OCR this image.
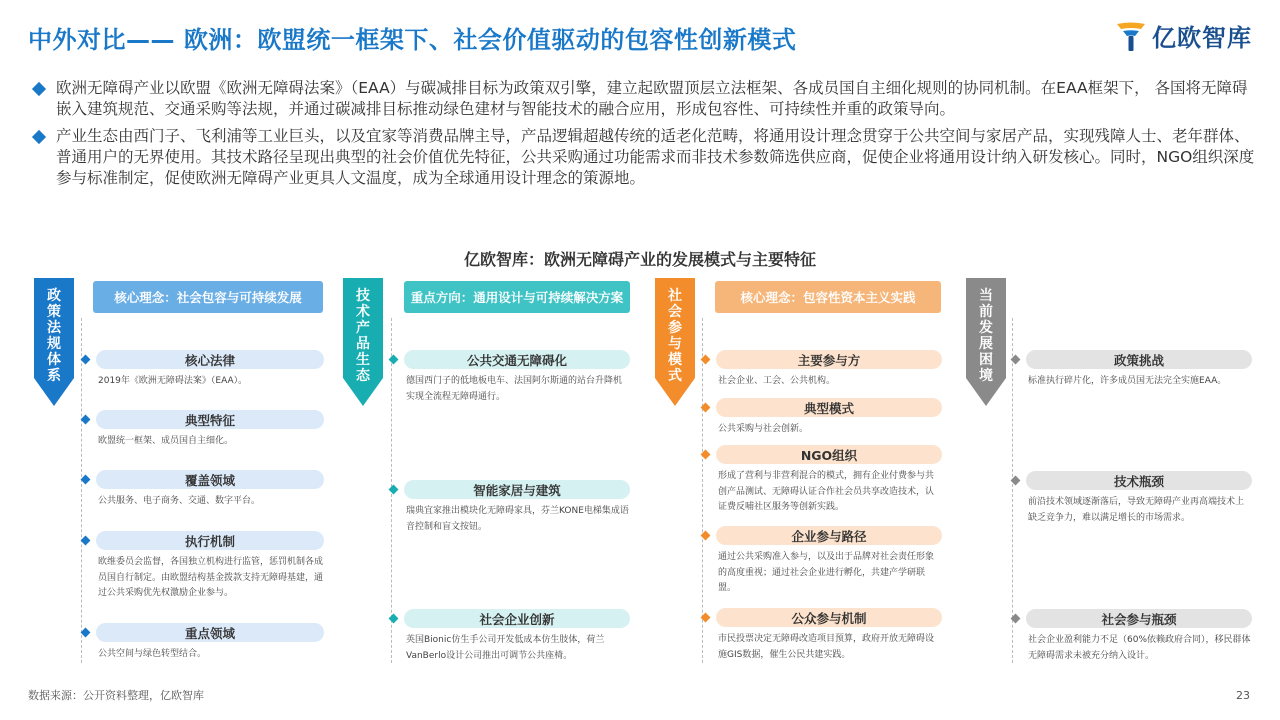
中外对比—— 欧洲：欧盟统一框架下、社会价值驱动的包容性创新模式	亿欧智库
欧洲无障碍产业以欧盟《欧洲无障碍法案》（EAA）与碳减排目标为政策双引擎，建立起欧盟顶层立法框架、各成员国自主细化规则的协同机制。在EAA框架下， 各国将无障碍嵌入建筑规范、交通采购等法规，并通过碳减排目标推动绿色建材与智能技术的融合应用，形成包容性、可持续性并重的政策导向。
产业生态由西门子、飞利浦等工业巨头，以及宜家等消费品牌主导，产品逻辑超越传统的适老化范畴，将通用设计理念贯穿于公共空间与家居产品，实现残障人士、老年群体、普通用户的无界使用。其技术路径呈现出典型的社会价值优先特征，公共采购通过功能需求而非技术参数筛选供应商，促使企业将通用设计纳入研发核心。同时，NGO组织深度参与标准制定，促使欧洲无障碍产业更具人文温度，成为全球通用设计理念的策源地。
亿欧智库：欧洲无障碍产业的发展模式与主要特征
政策法规体系
核心理念：社会包容与可持续发展
核心法律
2019年《欧洲无障碍法案》（EAA）。
典型特征
欧盟统一框架、成员国自主细化。
覆盖领域
公共服务、电子商务、交通、数字平台。
执行机制
欧维委员会监督，各国独立机构进行监管，惩罚机制各成员国自行制定。由欧盟结构基金拨款支持无障碍基建，通过公共采购优先权激励企业参与。
重点领域
公共空间与绿色转型结合。
技术产品生态
重点方向：通用设计与可持续解决方案
公共交通无障碍化
德国西门子的低地板电车、法国阿尔斯通的站台升降机实现全流程无障碍通行。
智能家居与建筑
瑞典宜家推出模块化无障碍家具，芬兰KONE电梯集成语音控制和盲文按钮。
社会企业创新
英国Bionic仿生手公司开发低成本仿生肢体，荷兰VanBerlo设计公司推出可调节公共座椅。
社会参与模式
核心理念：包容性资本主义实践
主要参与方
社会企业、工会、公共机构。
典型模式
公共采购与社会创新。
NGO组织
形成了营利与非营利混合的模式，拥有企业付费参与共创产品测试、无障碍认证合作社会员共享改造技术，认证费反哺社区服务等创新实践。
企业参与路径
通过公共采购准入参与，以及出于品牌对社会责任形象的高度重视；通过社会企业进行孵化，共建产学研联盟。
公众参与机制
市民投票决定无障碍改造项目预算，政府开放无障碍设施GIS数据，催生公民共建实践。
当前发展困境
政策挑战
标准执行碎片化，许多成员国无法完全实施EAA。
技术瓶颈
前沿技术领域逐渐落后，导致无障碍产业再高端技术上缺乏竞争力，难以满足增长的市场需求。
社会参与瓶颈
社会企业盈利能力不足（60%依赖政府合同），移民群体无障碍需求未被充分纳入设计。
数据来源：公开资料整理，亿欧智库	23
